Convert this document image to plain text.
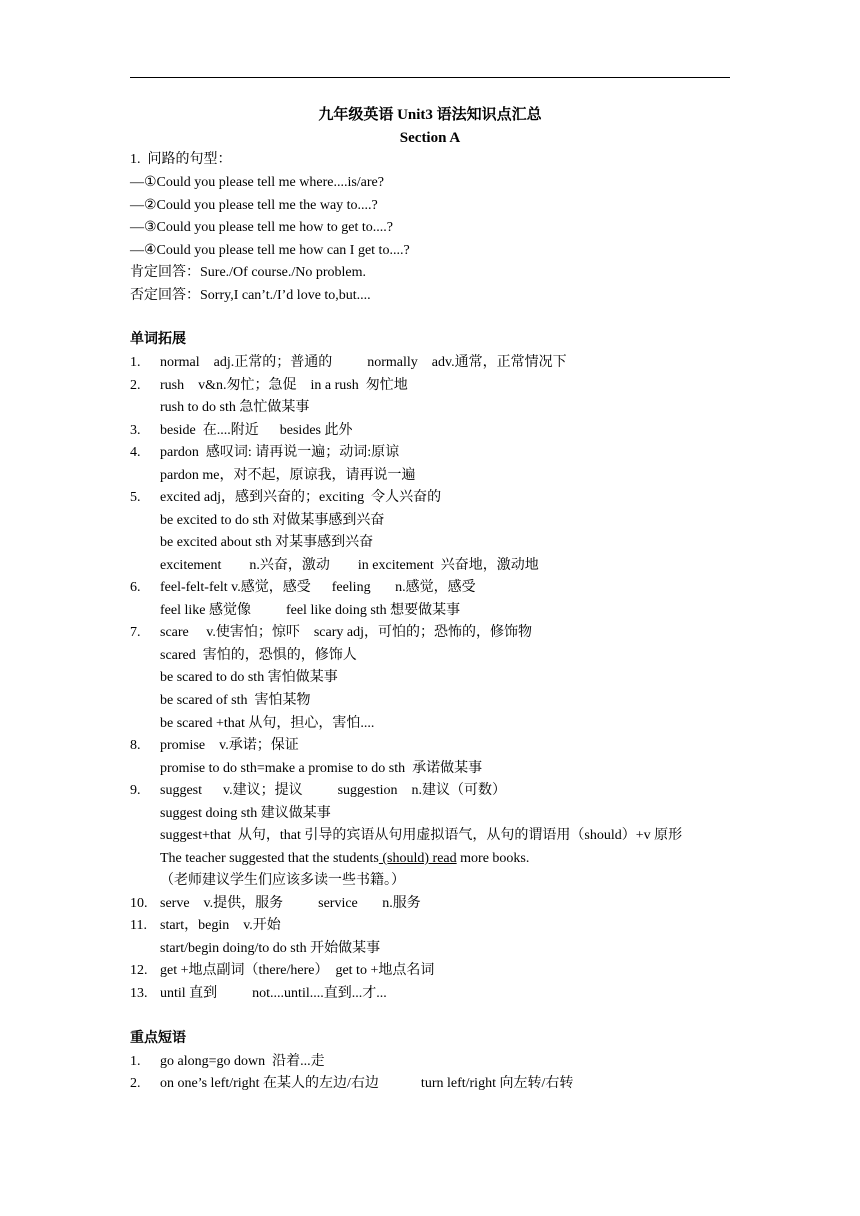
九年级英语 Unit3 语法知识点汇总
Section A
1.  问路的句型：
—①Could you please tell me where....is/are?
—②Could you please tell me the way to....?
—③Could you please tell me how to get to....?
—④Could you please tell me how can I get to....?
肯定回答：Sure./Of course./No problem.
否定回答：Sorry,I can’t./I’d love to,but....
单词拓展
1. normal    adj.正常的；普通的          normally    adv.通常，正常情况下
2. rush    v&n.匆忙；急促    in a rush  匆忙地
rush to do sth 急忙做某事
3. beside  在....附近      besides 此外
4. pardon  感叹词: 请再说一遍；动词:原谅
pardon me，对不起，原谅我，请再说一遍
5. excited adj，感到兴奋的；exciting  令人兴奋的
be excited to do sth 对做某事感到兴奋
be excited about sth 对某事感到兴奋
excitement        n.兴奋，激动        in excitement  兴奋地，激动地
6. feel-felt-felt v.感觉，感受      feeling       n.感觉，感受
feel like 感觉像          feel like doing sth 想要做某事
7. scare     v.使害怕；惊吓    scary adj，可怕的；恐怖的，修饰物
scared  害怕的，恐惧的，修饰人
be scared to do sth 害怕做某事
be scared of sth  害怕某物
be scared +that 从句，担心，害怕....
8. promise    v.承诺；保证
promise to do sth=make a promise to do sth  承诺做某事
9. suggest      v.建议；提议          suggestion    n.建议（可数）
suggest doing sth 建议做某事
suggest+that  从句，that 引导的宾语从句用虚拟语气，从句的谓语用（should）+v 原形
The teacher suggested that the students (should) read more books.
（老师建议学生们应该多读一些书籍。）
10. serve    v.提供，服务          service       n.服务
11. start，begin    v.开始
start/begin doing/to do sth 开始做某事
12. get +地点副词（there/here）  get to +地点名词
13. until 直到          not....until....直到...才...
重点短语
1. go along=go down  沿着...走
2. on one’s left/right 在某人的左边/右边            turn left/right 向左转/右转
